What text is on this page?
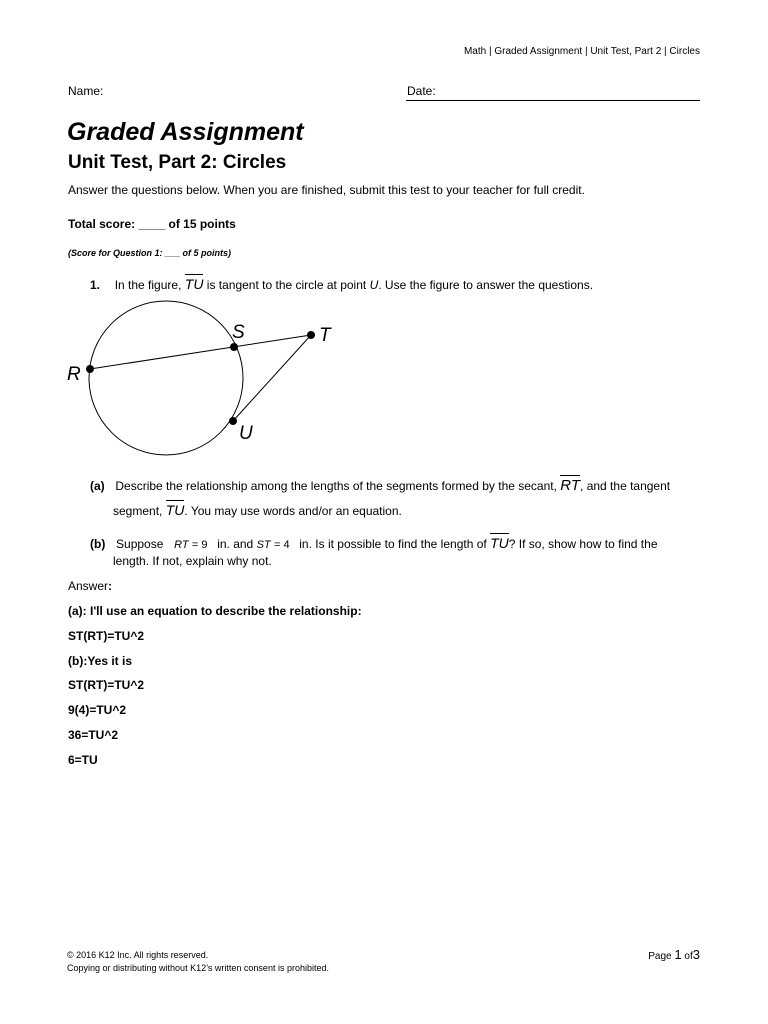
Math | Graded Assignment | Unit Test, Part 2 | Circles
Name:	Date:
Graded Assignment
Unit Test, Part 2: Circles
Answer the questions below. When you are finished, submit this test to your teacher for full credit.
Total score: ____ of 15 points
(Score for Question 1: ___ of 5 points)
1. In the figure, TU is tangent to the circle at point U. Use the figure to answer the questions.
R
S	T
U
(a) Describe the relationship among the lengths of the segments formed by the secant, RT, and the tangent
segment, TU. You may use words and/or an equation.
(b) Suppose RT = 9 in. and ST = 4 in. Is it possible to find the length of TU? If so, show how to find the
length. If not, explain why not.
Answer:
(a): I'll use an equation to describe the relationship:
ST(RT)=TU^2
(b):Yes it is
ST(RT)=TU^2
9(4)=TU^2
36=TU^2
6=TU
© 2016 K12 Inc. All rights reserved.
Copying or distributing without K12’s written consent is prohibited.
Page 1 of3
